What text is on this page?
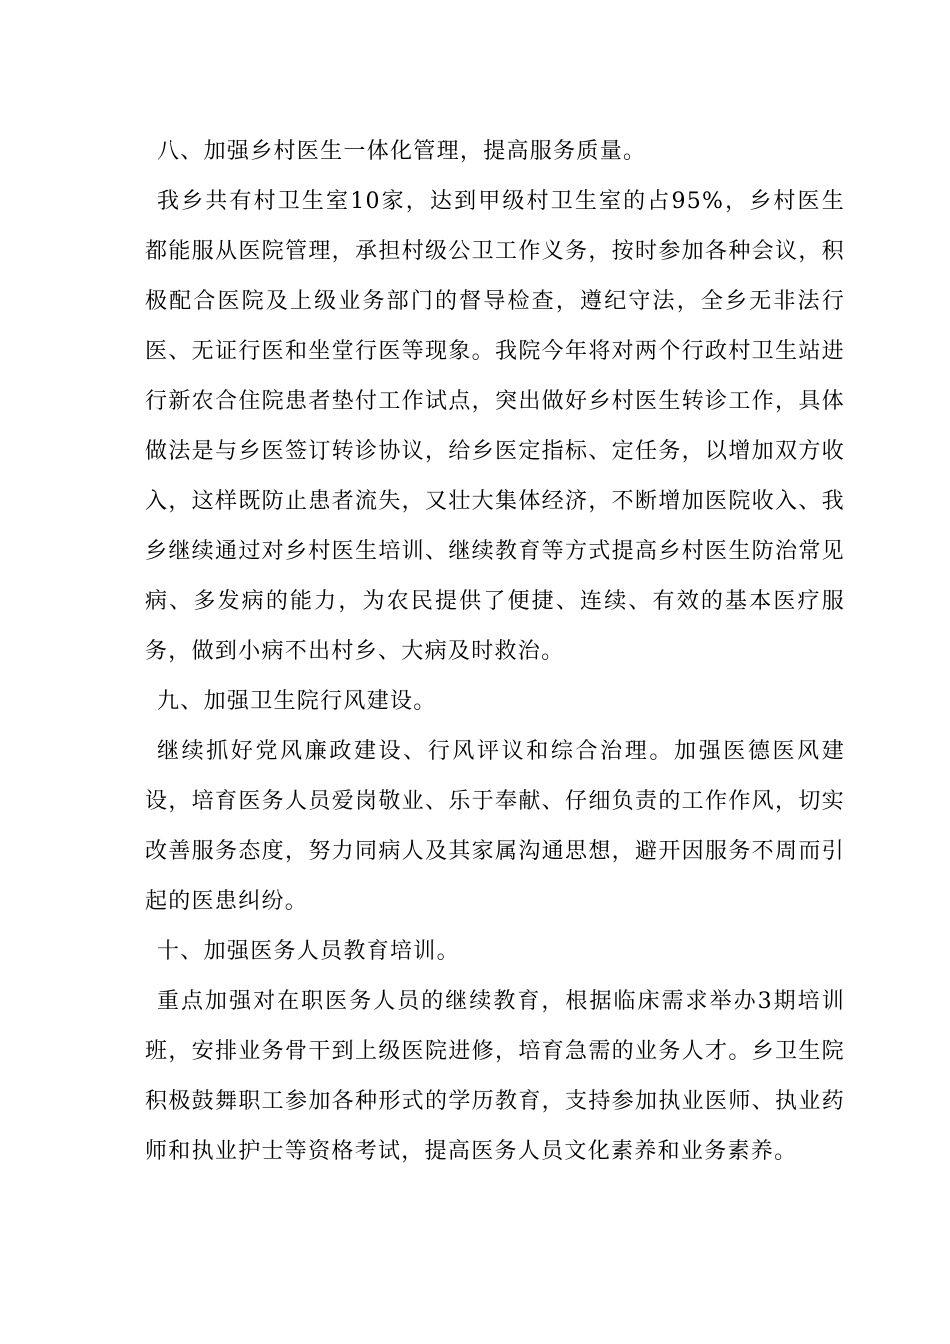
八、加强乡村医生一体化管理，提高服务质量。

我乡共有村卫生室10家，达到甲级村卫生室的占95%，乡村医生都能服从医院管理，承担村级公卫工作义务，按时参加各种会议，积极配合医院及上级业务部门的督导检查，遵纪守法，全乡无非法行医、无证行医和坐堂行医等现象。我院今年将对两个行政村卫生站进行新农合住院患者垫付工作试点，突出做好乡村医生转诊工作，具体做法是与乡医签订转诊协议，给乡医定指标、定任务，以增加双方收入，这样既防止患者流失，又壮大集体经济，不断增加医院收入、我乡继续通过对乡村医生培训、继续教育等方式提高乡村医生防治常见病、多发病的能力，为农民提供了便捷、连续、有效的基本医疗服务，做到小病不出村乡、大病及时救治。

九、加强卫生院行风建设。

继续抓好党风廉政建设、行风评议和综合治理。加强医德医风建设，培育医务人员爱岗敬业、乐于奉献、仔细负责的工作作风，切实改善服务态度，努力同病人及其家属沟通思想，避开因服务不周而引起的医患纠纷。

十、加强医务人员教育培训。

重点加强对在职医务人员的继续教育，根据临床需求举办3期培训班，安排业务骨干到上级医院进修，培育急需的业务人才。乡卫生院积极鼓舞职工参加各种形式的学历教育，支持参加执业医师、执业药师和执业护士等资格考试，提高医务人员文化素养和业务素养。
